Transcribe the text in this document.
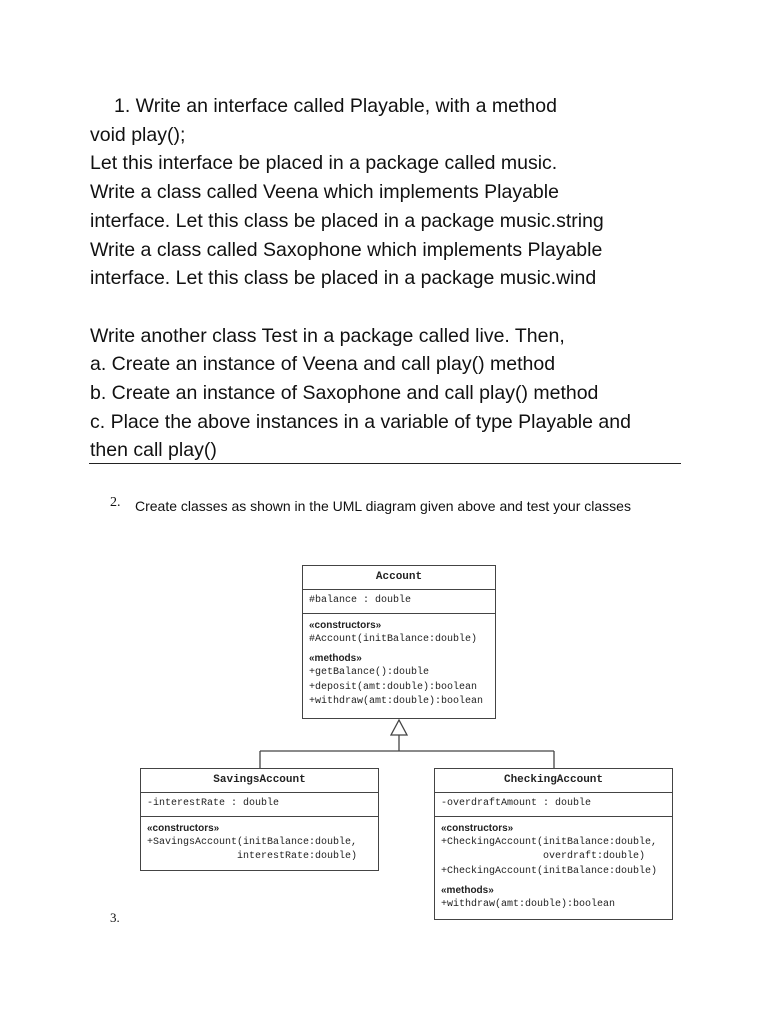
1. Write an interface called Playable, with a method
void play();
Let this interface be placed in a package called music.
Write a class called Veena which implements Playable
interface. Let this class be placed in a package music.string
Write a class called Saxophone which implements Playable
interface. Let this class be placed in a package music.wind
Write another class Test in a package called live. Then,
a. Create an instance of Veena and call play() method
b. Create an instance of Saxophone and call play() method
c. Place the above instances in a variable of type Playable and
then call play()
2. Create classes as shown in the UML diagram given above and test your classes
Account
#balance : double
«constructors»
#Account(initBalance:double)
«methods»
+getBalance():double
+deposit(amt:double):boolean
+withdraw(amt:double):boolean
SavingsAccount
-interestRate : double
«constructors»
+SavingsAccount(initBalance:double,
interestRate:double)
CheckingAccount
-overdraftAmount : double
«constructors»
+CheckingAccount(initBalance:double,
overdraft:double)
+CheckingAccount(initBalance:double)
«methods»
+withdraw(amt:double):boolean
3.
